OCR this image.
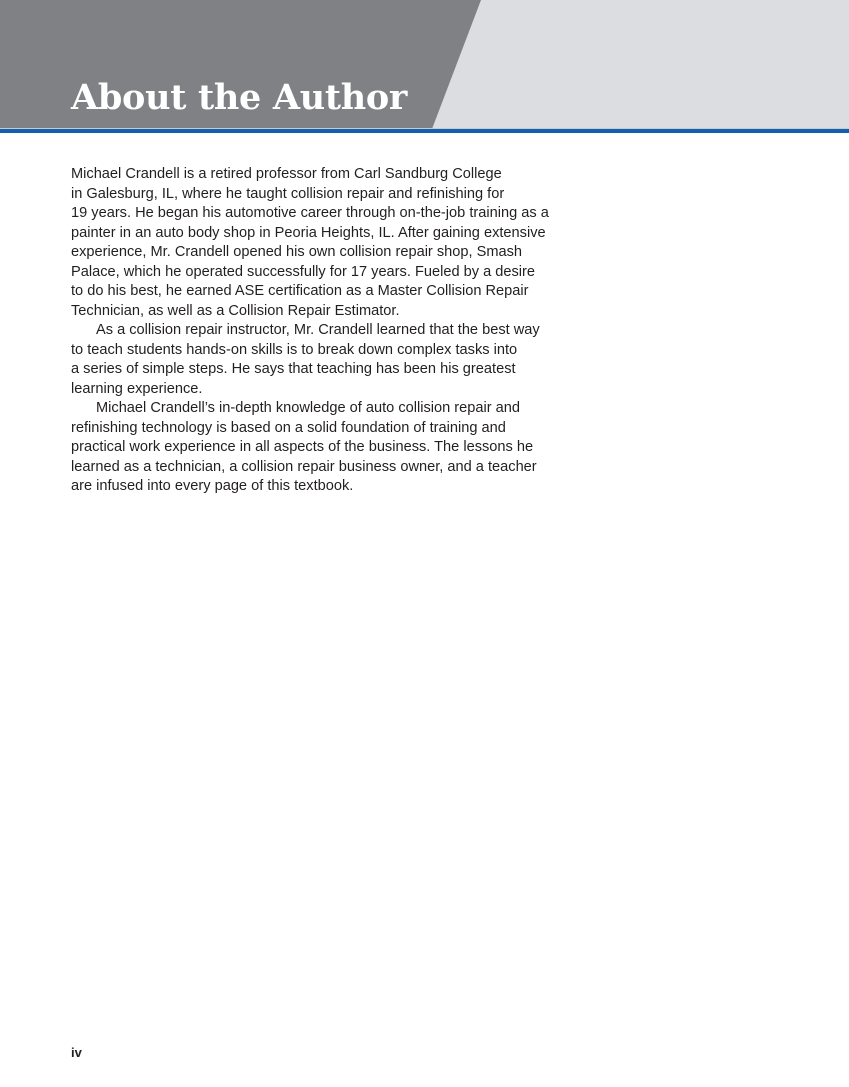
About the Author

Michael Crandell is a retired professor from Carl Sandburg College
in Galesburg, IL, where he taught collision repair and refinishing for
19 years. He began his automotive career through on-the-job training as a
painter in an auto body shop in Peoria Heights, IL. After gaining extensive
experience, Mr. Crandell opened his own collision repair shop, Smash
Palace, which he operated successfully for 17 years. Fueled by a desire
to do his best, he earned ASE certification as a Master Collision Repair
Technician, as well as a Collision Repair Estimator.

As a collision repair instructor, Mr. Crandell learned that the best way
to teach students hands-on skills is to break down complex tasks into
a series of simple steps. He says that teaching has been his greatest
learning experience.

Michael Crandell’s in-depth knowledge of auto collision repair and
refinishing technology is based on a solid foundation of training and
practical work experience in all aspects of the business. The lessons he
learned as a technician, a collision repair business owner, and a teacher
are infused into every page of this textbook.

iv
